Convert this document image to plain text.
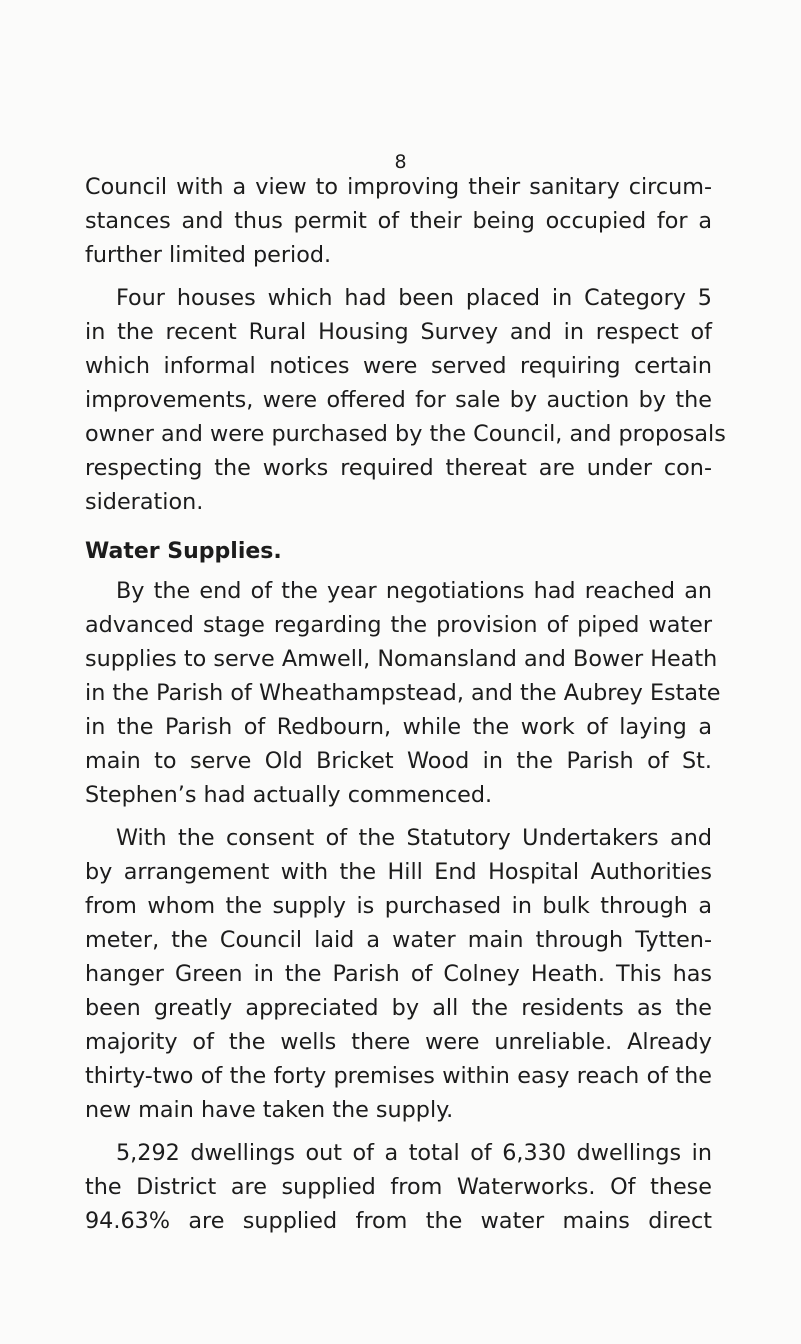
8
Council with a view to improving their sanitary circum-
stances and thus permit of their being occupied for a
further limited period.
Four houses which had been placed in Category 5
in the recent Rural Housing Survey and in respect of
which informal notices were served requiring certain
improvements, were offered for sale by auction by the
owner and were purchased by the Council, and proposals
respecting the works required thereat are under con-
sideration.
Water Supplies.
By the end of the year negotiations had reached an
advanced stage regarding the provision of piped water
supplies to serve Amwell, Nomansland and Bower Heath
in the Parish of Wheathampstead, and the Aubrey Estate
in the Parish of Redbourn, while the work of laying a
main to serve Old Bricket Wood in the Parish of St.
Stephen’s had actually commenced.
With the consent of the Statutory Undertakers and
by arrangement with the Hill End Hospital Authorities
from whom the supply is purchased in bulk through a
meter, the Council laid a water main through Tytten-
hanger Green in the Parish of Colney Heath. This has
been greatly appreciated by all the residents as the
majority of the wells there were unreliable. Already
thirty-two of the forty premises within easy reach of the
new main have taken the supply.
5,292 dwellings out of a total of 6,330 dwellings in
the District are supplied from Waterworks. Of these
94.63% are supplied from the water mains direct
